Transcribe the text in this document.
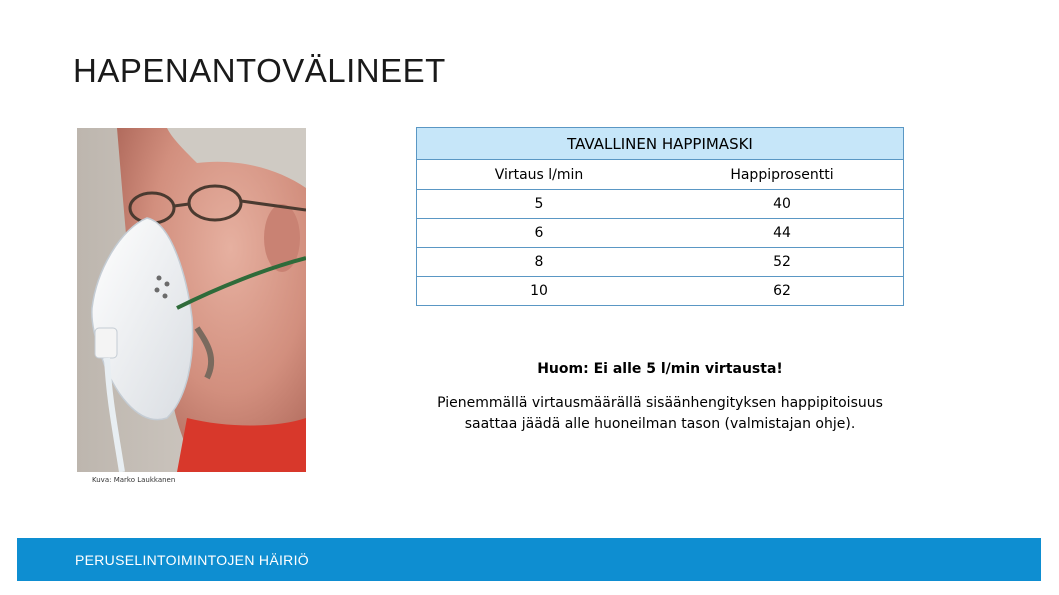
HAPENANTOVÄLINEET
Kuva: Marko Laukkanen
TAVALLINEN HAPPIMASKI	
Virtaus l/min	Happiprosentti
5	40
6	44
8	52
10	62
Huom: Ei alle 5 l/min virtausta!
Pienemmällä virtausmäärällä sisäänhengityksen happipitoisuus
saattaa jäädä alle huoneilman tason (valmistajan ohje).
PERUSELINTOIMINTOJEN HÄIRIÖ
